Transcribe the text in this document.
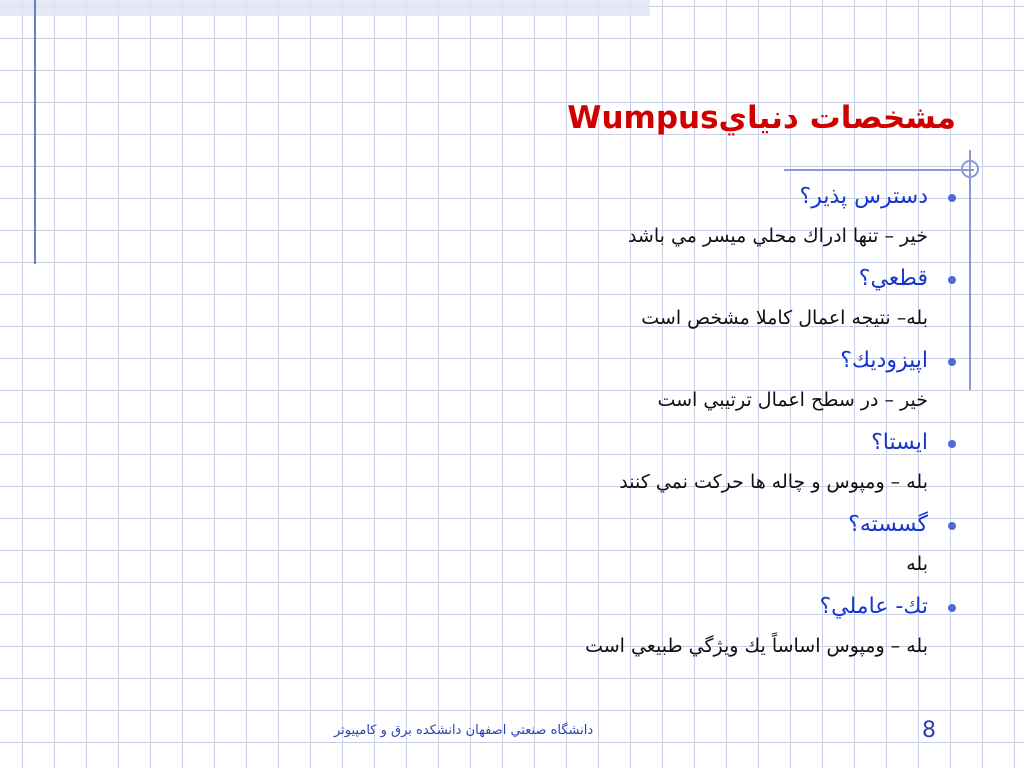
مشخصات دنيايWumpus
دسترس پذير؟
خير – تنها ادراك محلي ميسر مي باشد
قطعي؟
بله– نتيجه اعمال كاملا مشخص است
اپيزوديك؟
خير – در سطح اعمال ترتيبي است
ايستا؟
بله – ومپوس و چاله ها حركت نمي كنند
گسسته؟
بله
تك- عاملي؟
بله – ومپوس اساساً يك ويژگي طبيعي است
دانشگاه صنعتي اصفهان دانشكده برق و كامپيوتر	8
